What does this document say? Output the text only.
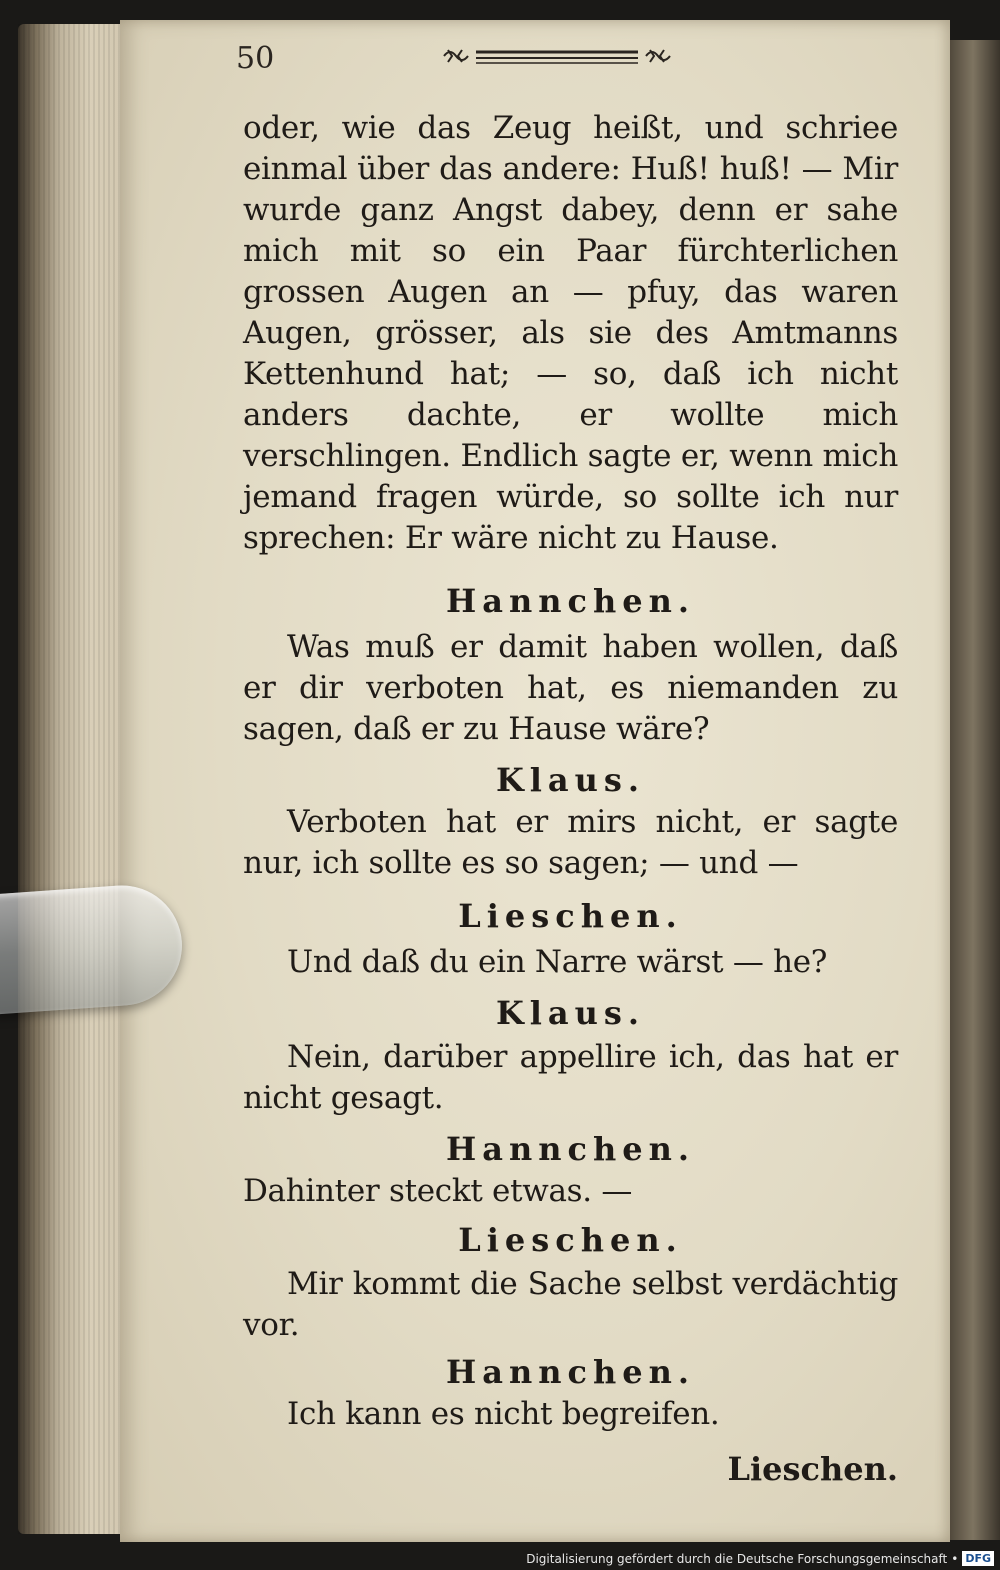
50

oder, wie das Zeug heißt, und schriee einmal über das andere: Huß! huß! — Mir wurde ganz Angst dabey, denn er sahe mich mit so ein Paar fürchterlichen grossen Augen an — pfuy, das waren Augen, grösser, als sie des Amtmanns Kettenhund hat; — so, daß ich nicht anders dachte, er wollte mich verschlingen. Endlich sagte er, wenn mich jemand fragen würde, so sollte ich nur sprechen: Er wäre nicht zu Hause.

Hannchen.

Was muß er damit haben wollen, daß er dir verboten hat, es niemanden zu sagen, daß er zu Hause wäre?

Klaus.

Verboten hat er mirs nicht, er sagte nur, ich sollte es so sagen; — und —

Lieschen.

Und daß du ein Narre wärst — he?

Klaus.

Nein, darüber appellire ich, das hat er nicht gesagt.

Hannchen.

Dahinter steckt etwas. —

Lieschen.

Mir kommt die Sache selbst verdächtig vor.

Hannchen.

Ich kann es nicht begreifen.

Lieschen.

Digitalisierung gefördert durch die Deutsche Forschungsgemeinschaft • DFG
